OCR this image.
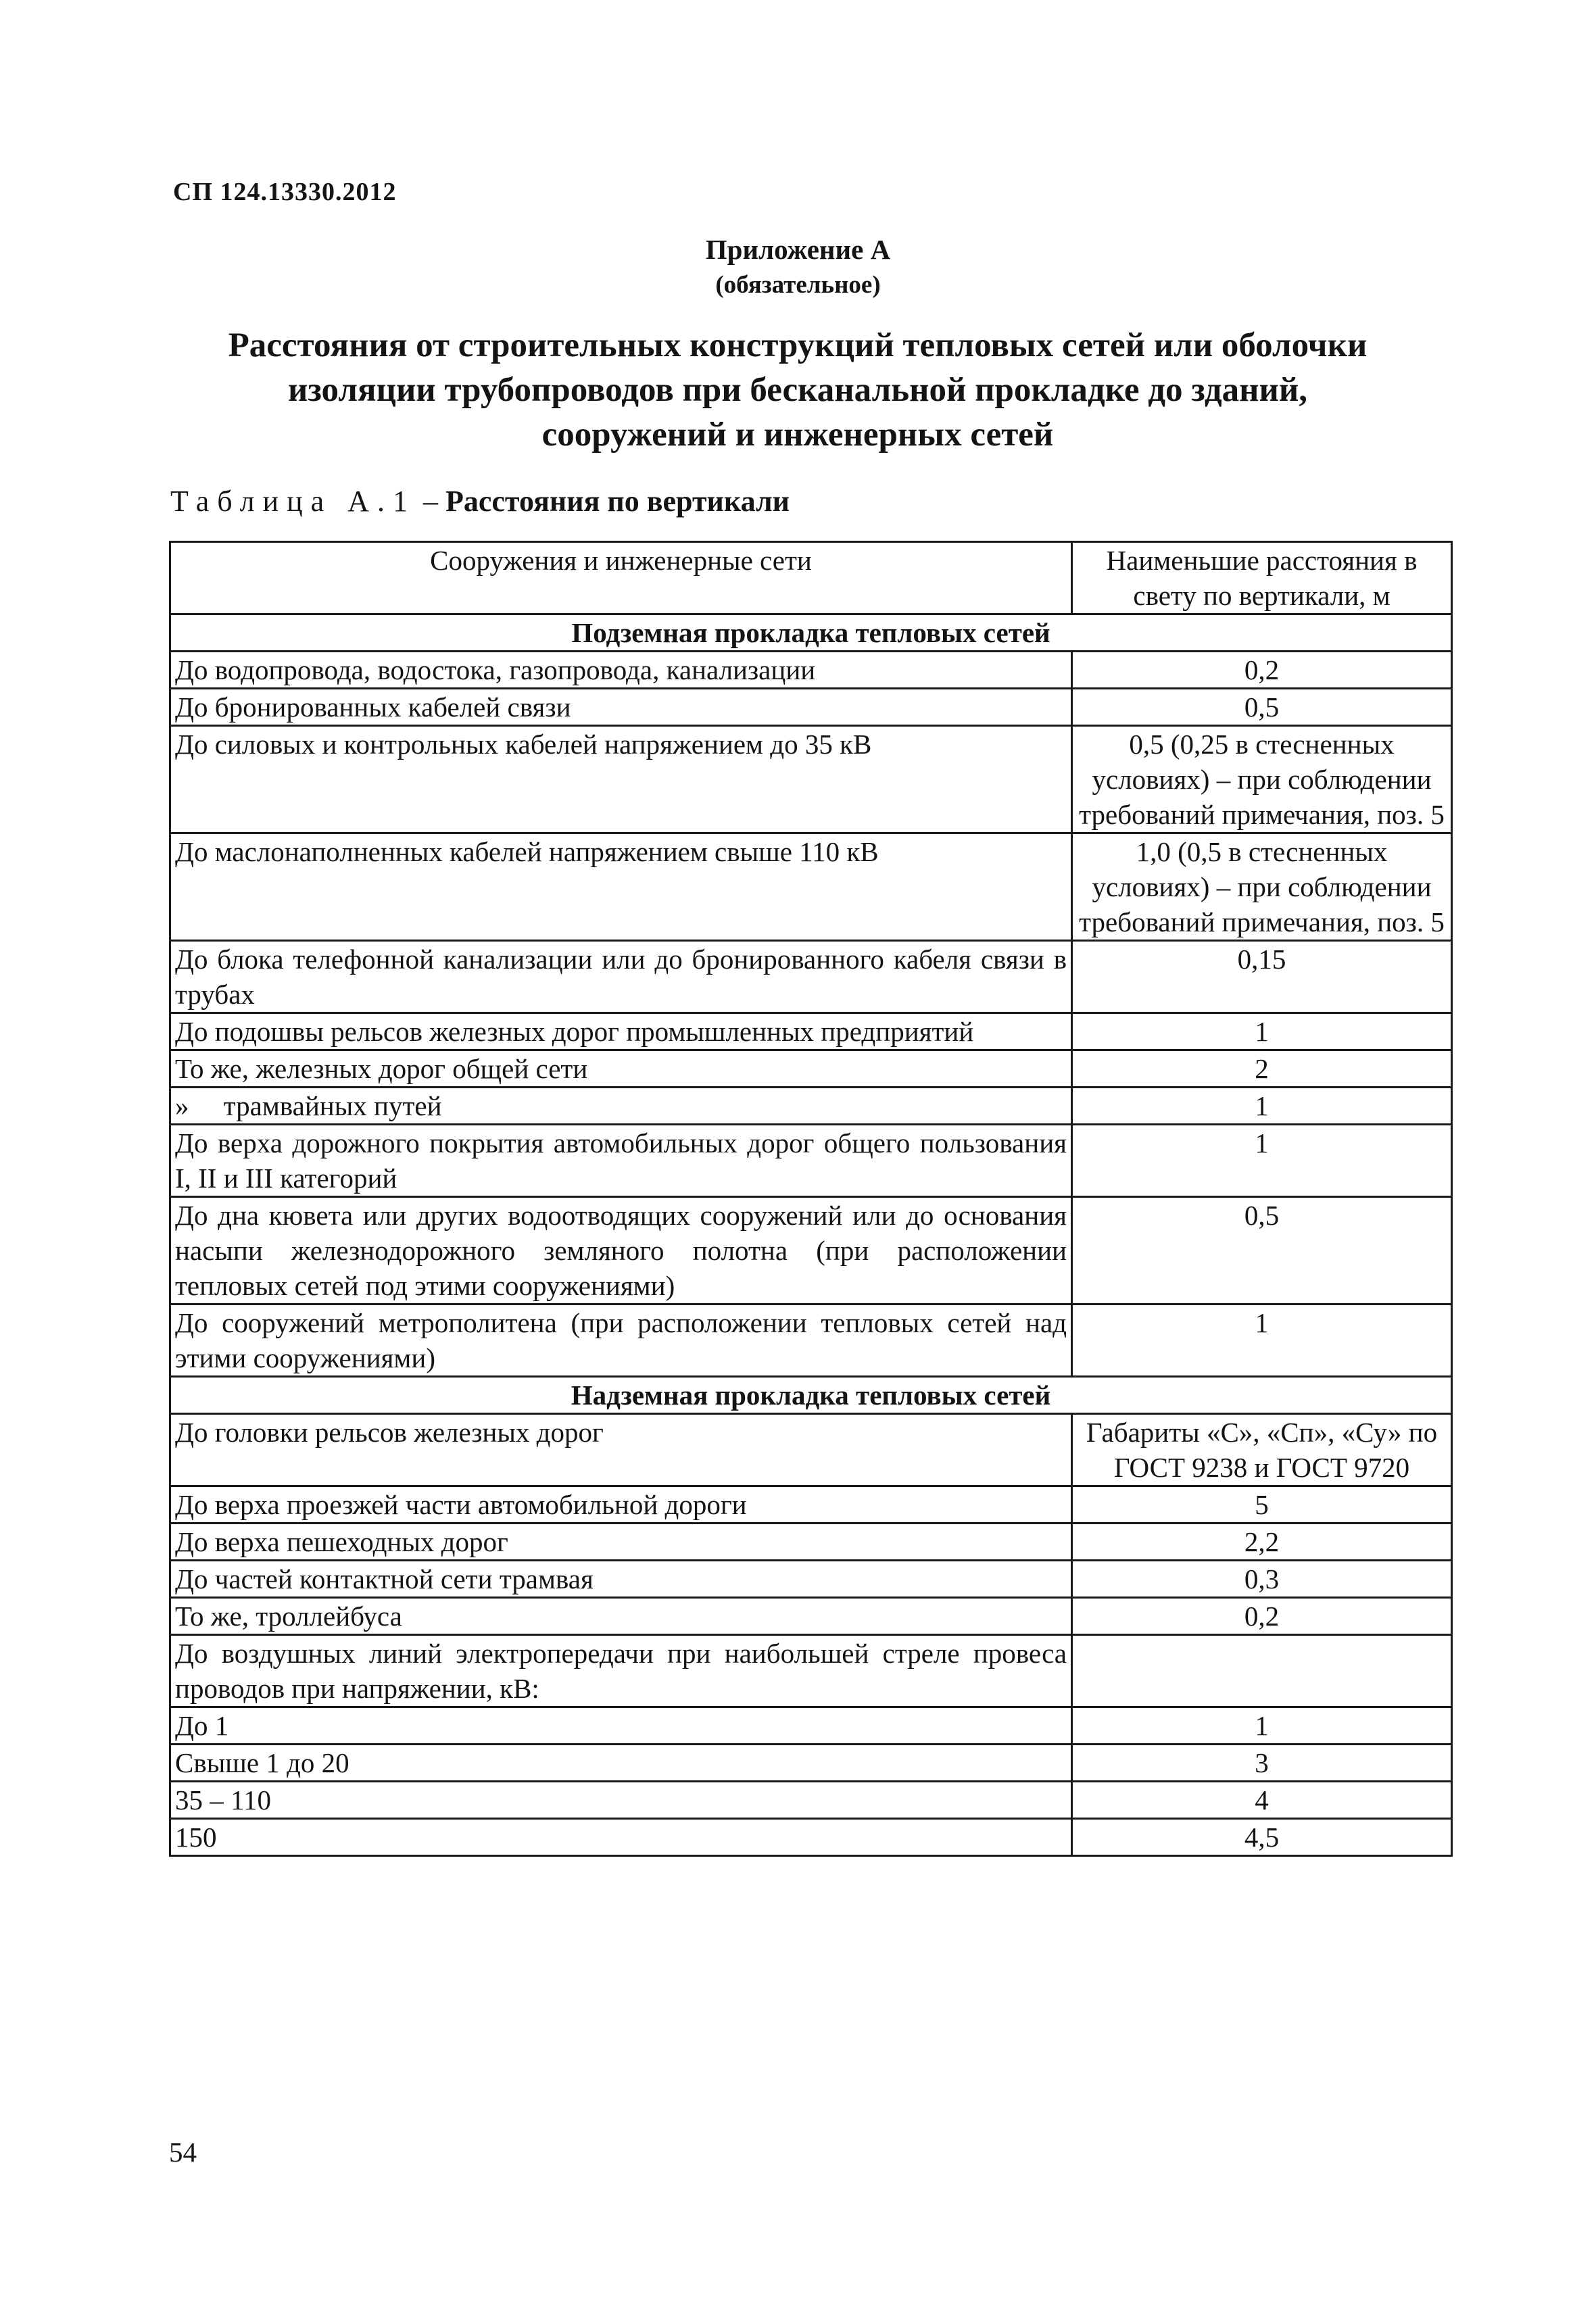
СП 124.13330.2012
Приложение А
(обязательное)
Расстояния от строительных конструкций тепловых сетей или оболочки
изоляции трубопроводов при бесканальной прокладке до зданий,
сооружений и инженерных сетей
Таблица А.1 – Расстояния по вертикали
Сооружения и инженерные сети	Наименьшие расстояния в свету по вертикали, м
Подземная прокладка тепловых сетей	
До водопровода, водостока, газопровода, канализации	0,2
До бронированных кабелей связи	0,5
До силовых и контрольных кабелей напряжением до 35 кВ	0,5 (0,25 в стесненных условиях) – при соблюдении требований примечания, поз. 5
До маслонаполненных кабелей напряжением свыше 110 кВ	1,0 (0,5 в стесненных условиях) – при соблюдении требований примечания, поз. 5
До блока телефонной канализации или до бронированного кабеля связи в трубах	0,15
До подошвы рельсов железных дорог промышленных предприятий	1
То же, железных дорог общей сети	2
»     трамвайных путей	1
До верха дорожного покрытия автомобильных дорог общего пользования I, II и III категорий	1
До дна кювета или других водоотводящих сооружений или до основания насыпи железнодорожного земляного полотна (при расположении тепловых сетей под этими сооружениями)	0,5
До сооружений метрополитена (при расположении тепловых сетей над этими сооружениями)	1
Надземная прокладка тепловых сетей	
До головки рельсов железных дорог	Габариты «С», «Сп», «Су» по ГОСТ 9238 и ГОСТ 9720
До верха проезжей части автомобильной дороги	5
До верха пешеходных дорог	2,2
До частей контактной сети трамвая	0,3
То же, троллейбуса	0,2
До воздушных линий электропередачи при наибольшей стреле провеса проводов при напряжении, кВ:	
До 1	1
Свыше 1 до 20	3
35 – 110	4
150	4,5
54
